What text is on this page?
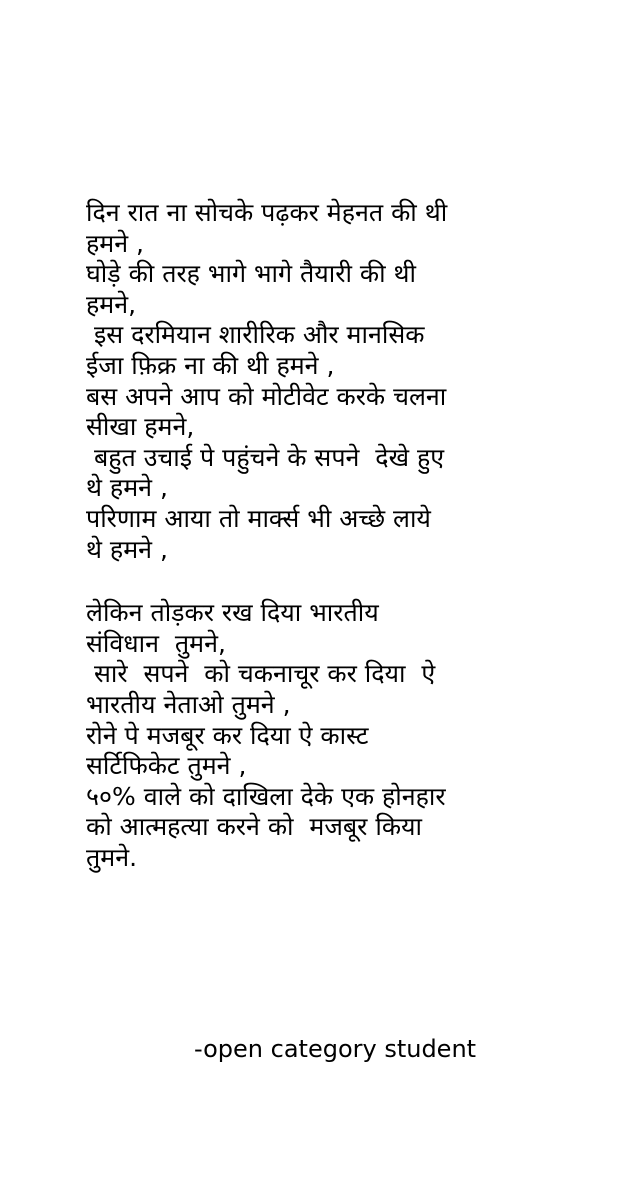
दिन रात ना सोचके पढ़कर मेहनत की थी
हमने ,
घोड़े की तरह भागे भागे तैयारी की थी
हमने,
इस दरमियान शारीरिक और मानसिक
ईजा फ़िक्र ना की थी हमने ,
बस अपने आप को मोटीवेट करके चलना
सीखा हमने,
बहुत उचाई पे पहुंचने के सपने  देखे हुए
थे हमने ,
परिणाम आया तो मार्क्स भी अच्छे लाये
थे हमने ,
लेकिन तोड़कर रख दिया भारतीय
संविधान  तुमने,
सारे  सपने  को चकनाचूर कर दिया  ऐ
भारतीय नेताओ तुमने ,
रोने पे मजबूर कर दिया ऐ कास्ट
सर्टिफिकेट तुमने ,
५०% वाले को दाखिला देके एक होनहार
को आत्महत्या करने को  मजबूर किया
तुमने.

-open category student
